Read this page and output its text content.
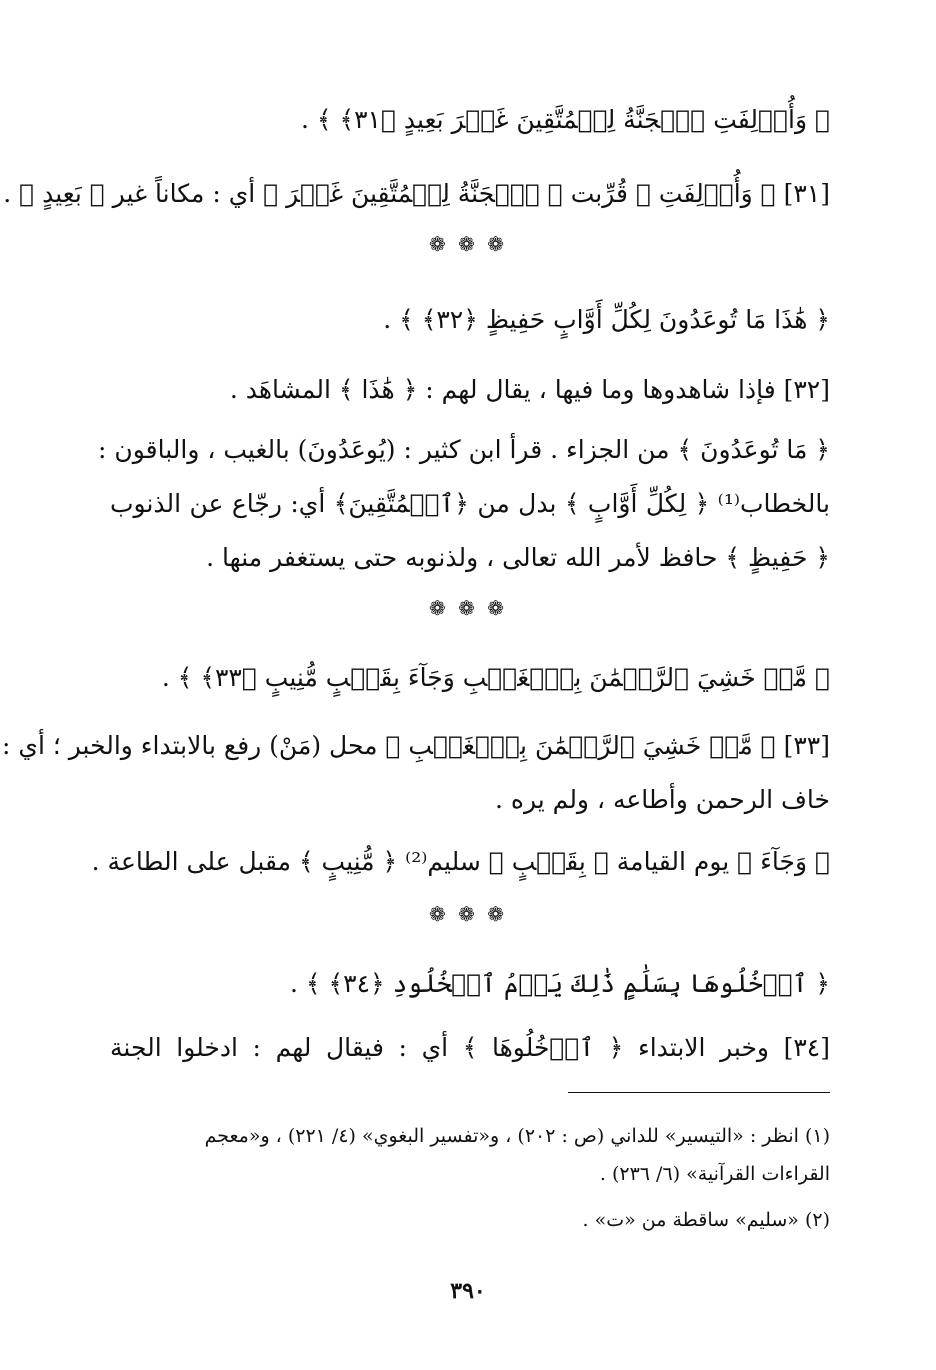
﴿ وَأُزۡلِفَتِ ٱلۡجَنَّةُ لِلۡمُتَّقِينَ غَيۡرَ بَعِيدٍ ﴿٣١﴾ ﴾ .
[٣١] ﴿ وَأُزۡلِفَتِ ﴾ قُرِّبت ﴿ ٱلۡجَنَّةُ لِلۡمُتَّقِينَ غَيۡرَ ﴾ أي : مكاناً غير ﴿ بَعِيدٍ ﴾ .
❁ ❁ ❁
﴿ هَٰذَا مَا تُوعَدُونَ لِكُلِّ أَوَّابٍ حَفِيظٍ ﴿٣٢﴾ ﴾ .
[٣٢] فإذا شاهدوها وما فيها ، يقال لهم : ﴿ هَٰذَا ﴾ المشاهَد .
﴿ مَا تُوعَدُونَ ﴾ من الجزاء . قرأ ابن كثير : (يُوعَدُونَ) بالغيب ، والباقون :
بالخطاب⁽¹⁾ ﴿ لِكُلِّ أَوَّابٍ ﴾ بدل من ﴿ٱلۡمُتَّقِينَ﴾ أي: رجّاع عن الذنوب
﴿ حَفِيظٍ ﴾ حافظ لأمر الله تعالى ، ولذنوبه حتى يستغفر منها .
❁ ❁ ❁
﴿ مَّنۡ خَشِيَ ٱلرَّحۡمَٰنَ بِٱلۡغَيۡبِ وَجَآءَ بِقَلۡبٍ مُّنِيبٍ ﴿٣٣﴾ ﴾ .
[٣٣] ﴿ مَّنۡ خَشِيَ ٱلرَّحۡمَٰنَ بِٱلۡغَيۡبِ ﴾ محل (مَنْ) رفع بالابتداء والخبر ؛ أي :
خاف الرحمن وأطاعه ، ولم يره .
﴿ وَجَآءَ ﴾ يوم القيامة ﴿ بِقَلۡبٍ ﴾ سليم⁽²⁾ ﴿ مُّنِيبٍ ﴾ مقبل على الطاعة .
❁ ❁ ❁
﴿ ٱدۡخُلُوهَا بِسَلَٰمٍ ذَٰلِكَ يَوۡمُ ٱلۡخُلُودِ ﴿٣٤﴾ ﴾ .
[٣٤] وخبر الابتداء ﴿ ٱدۡخُلُوهَا ﴾ أي : فيقال لهم : ادخلوا الجنة
(١) انظر : «التيسير» للداني (ص : ٢٠٢) ، و«تفسير البغوي» (٤/ ٢٢١) ، و«معجم
القراءات القرآنية» (٦/ ٢٣٦) .
(٢) «سليم» ساقطة من «ت» .
٣٩٠
